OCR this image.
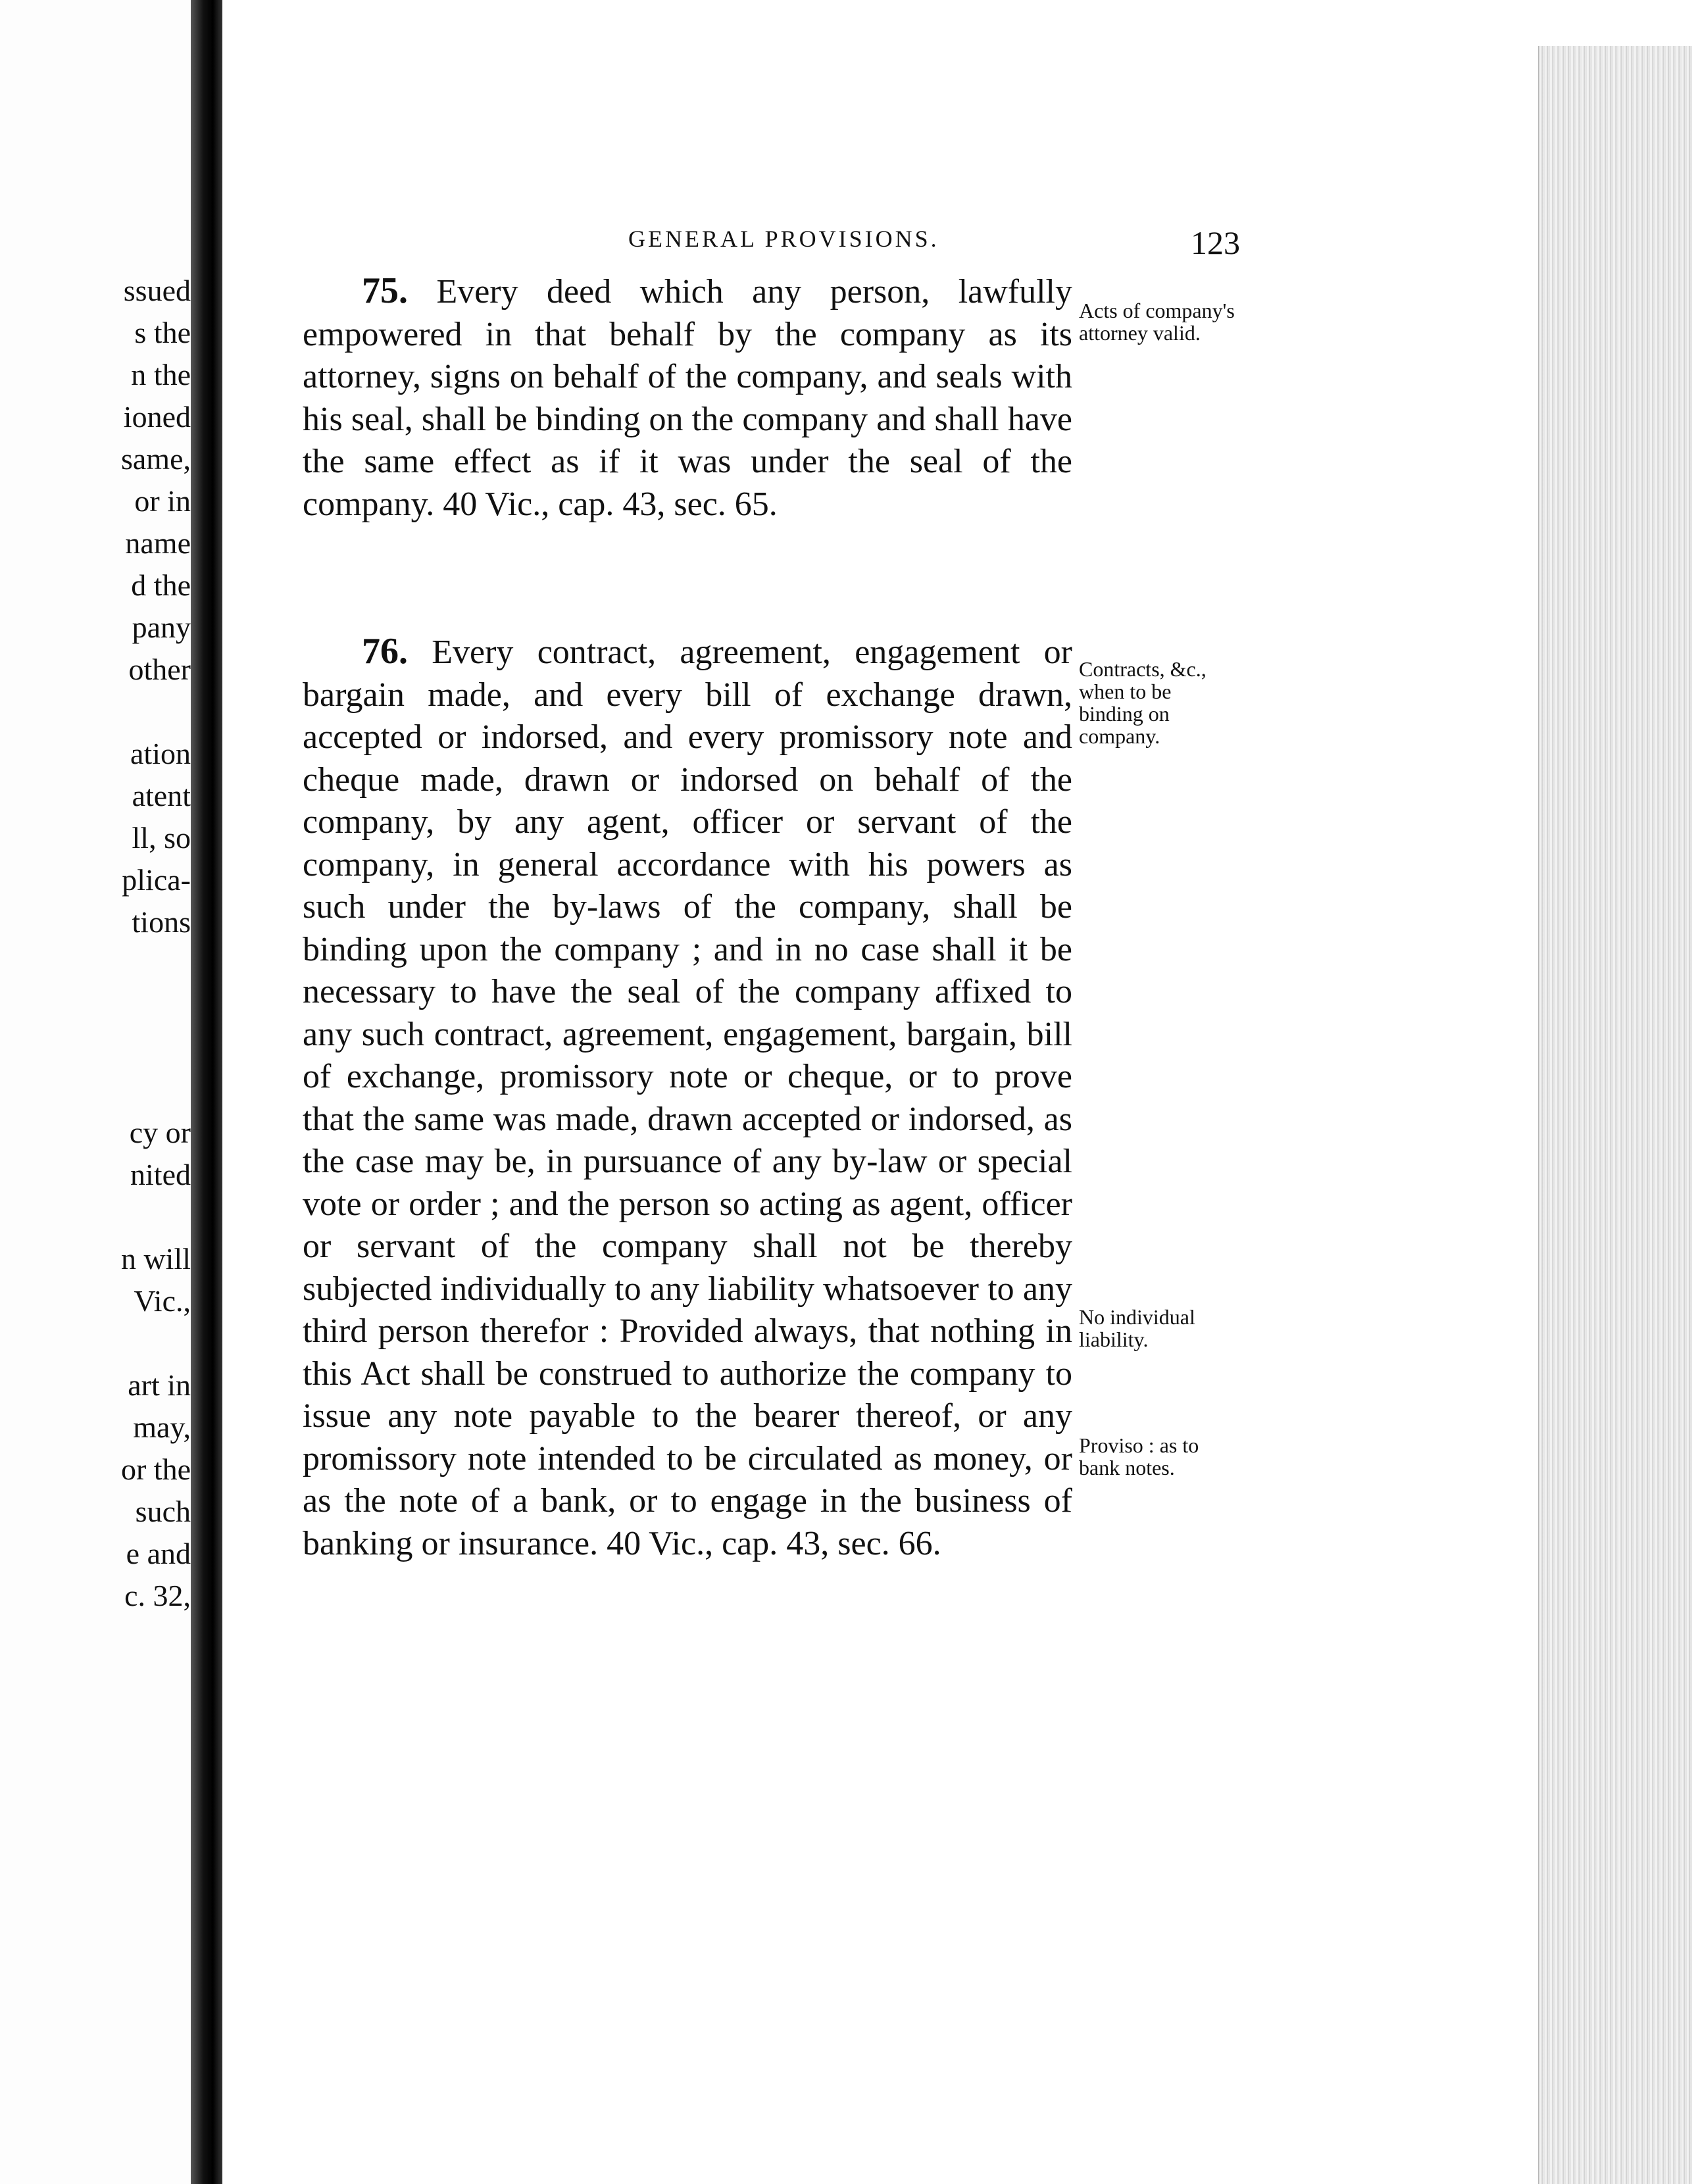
ssued
s the
n the
ioned
same,
or in
name
d the
pany
other
ation
atent
ll, so
plica-
tions
cy or
nited
n will
Vic.,
art in
may,
or the
such
e and
c. 32,
GENERAL PROVISIONS.	123

75. Every deed which any person, lawfully empowered in that behalf by the company as its attorney, signs on behalf of the company, and seals with his seal, shall be binding on the company and shall have the same effect as if it was under the seal of the company. 40 Vic., cap. 43, sec. 65.

76. Every contract, agreement, engagement or bargain made, and every bill of exchange drawn, accepted or indorsed, and every promissory note and cheque made, drawn or indorsed on behalf of the company, by any agent, officer or servant of the company, in general accordance with his powers as such under the by-laws of the company, shall be binding upon the company ; and in no case shall it be necessary to have the seal of the company affixed to any such contract, agreement, engagement, bargain, bill of exchange, promissory note or cheque, or to prove that the same was made, drawn accepted or indorsed, as the case may be, in pursuance of any by-law or special vote or order ; and the person so acting as agent, officer or servant of the company shall not be thereby subjected individually to any liability whatsoever to any third person therefor : Provided always, that nothing in this Act shall be construed to authorize the company to issue any note payable to the bearer thereof, or any promissory note intended to be circulated as money, or as the note of a bank, or to engage in the business of banking or insurance. 40 Vic., cap. 43, sec. 66.

Acts of company's attorney valid.
Contracts, &c., when to be binding on company.
No individual liability.
Proviso : as to bank notes.
